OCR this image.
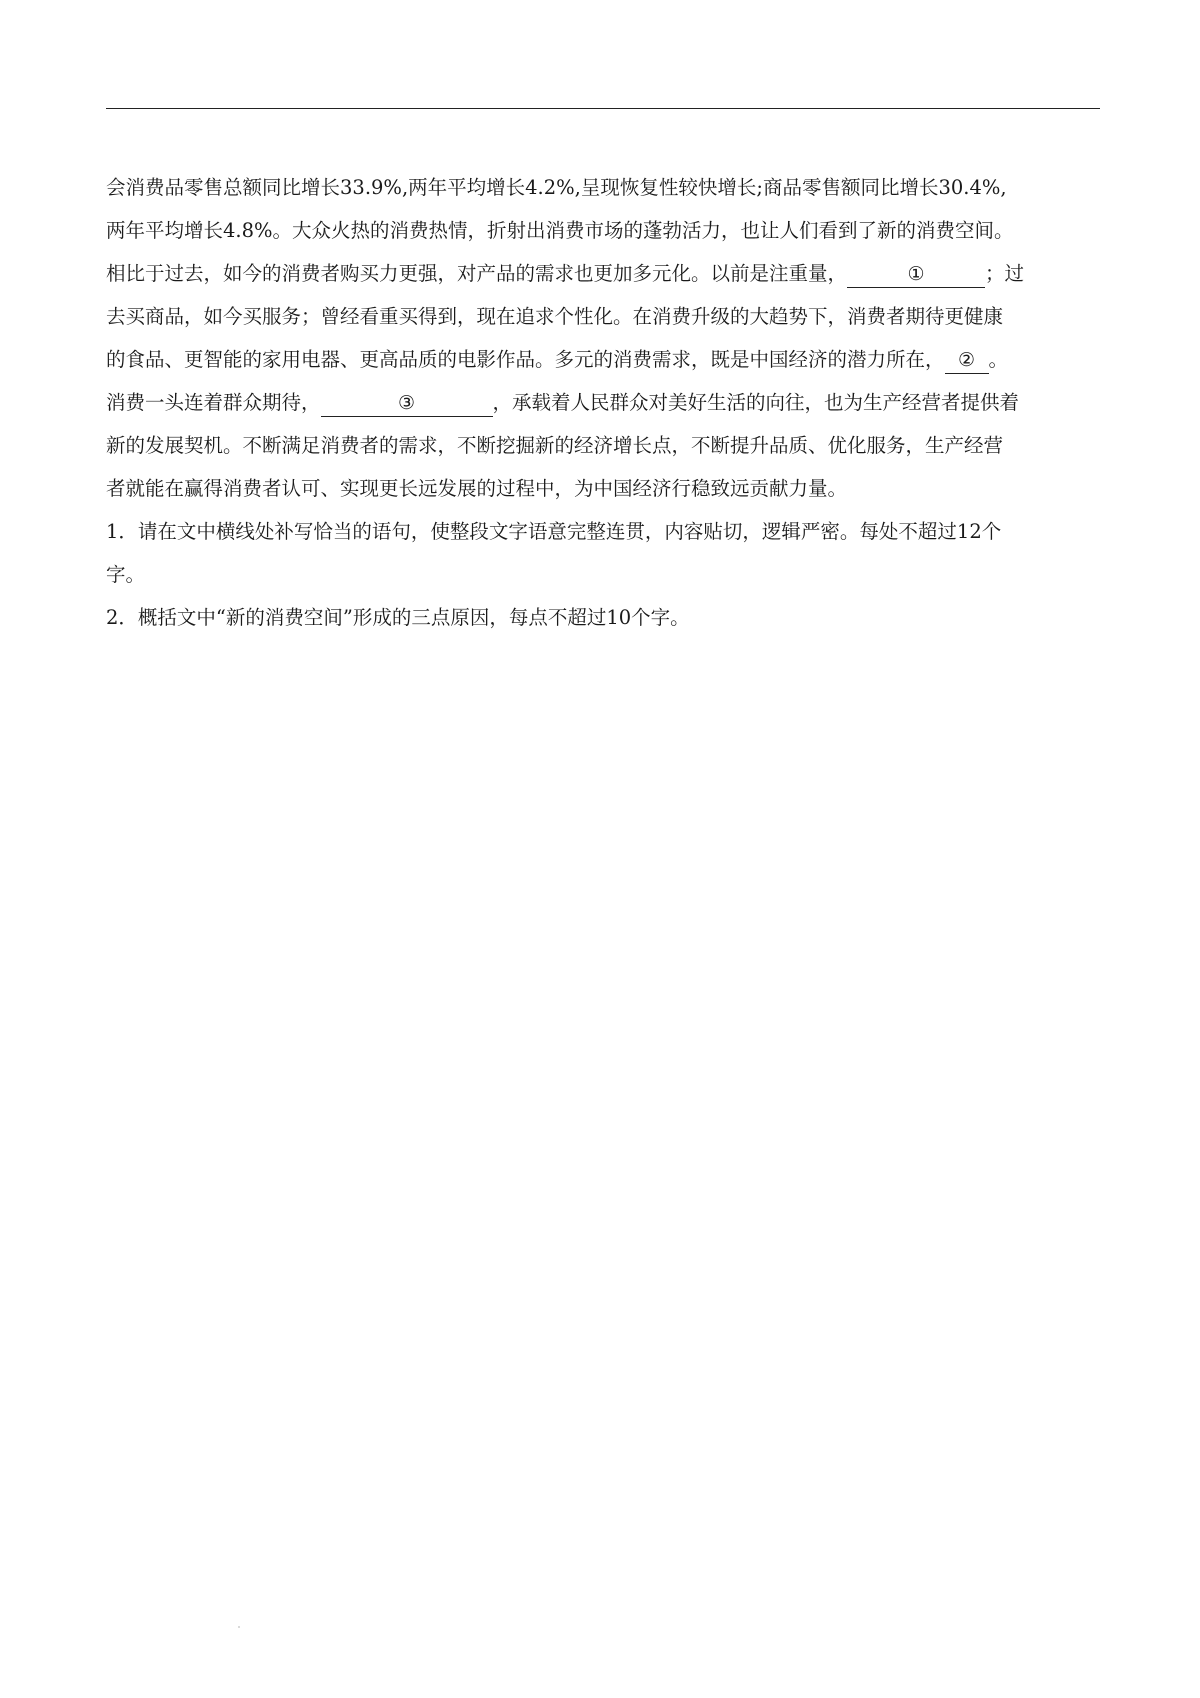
会消费品零售总额同比增长33.9%,两年平均增长4.2%,呈现恢复性较快增长;商品零售额同比增长30.4%,
两年平均增长4.8%。大众火热的消费热情，折射出消费市场的蓬勃活力，也让人们看到了新的消费空间。
相比于过去，如今的消费者购买力更强，对产品的需求也更加多元化。以前是注重量，	①	；过
去买商品，如今买服务；曾经看重买得到，现在追求个性化。在消费升级的大趋势下，消费者期待更健康
的食品、更智能的家用电器、更高品质的电影作品。多元的消费需求，既是中国经济的潜力所在， ② 。
消费一头连着群众期待，	③	，承载着人民群众对美好生活的向往，也为生产经营者提供着
新的发展契机。不断满足消费者的需求，不断挖掘新的经济增长点，不断提升品质、优化服务，生产经营
者就能在赢得消费者认可、实现更长远发展的过程中，为中国经济行稳致远贡献力量。
1．请在文中横线处补写恰当的语句，使整段文字语意完整连贯，内容贴切，逻辑严密。每处不超过12个
字。
2．概括文中“新的消费空间”形成的三点原因，每点不超过10个字。
